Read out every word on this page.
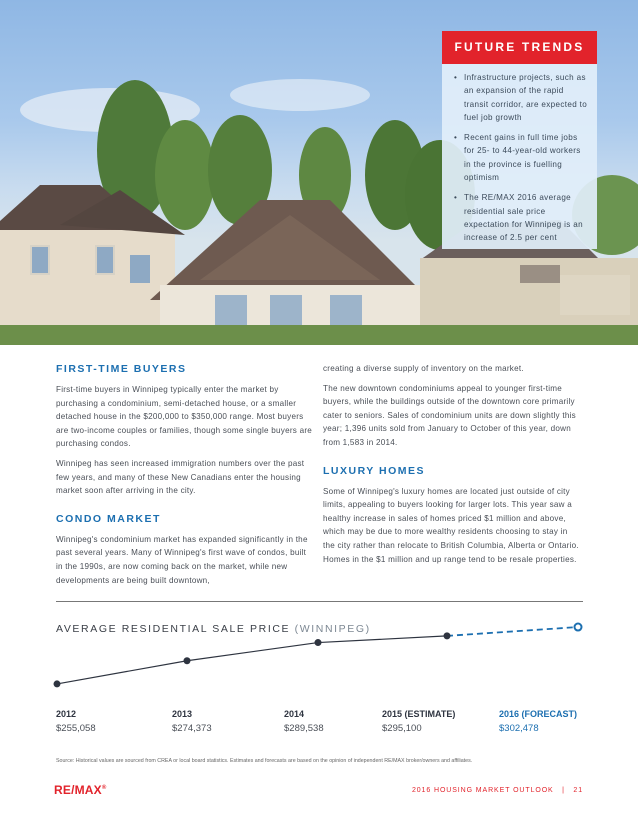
FUTURE TRENDS
• Infrastructure projects, such as an expansion of the rapid transit corridor, are expected to fuel job growth
• Recent gains in full time jobs for 25- to 44-year-old workers in the province is fuelling optimism
• The RE/MAX 2016 average residential sale price expectation for Winnipeg is an increase of 2.5 per cent
FIRST-TIME BUYERS

First-time buyers in Winnipeg typically enter the market by purchasing a condominium, semi-detached house, or a smaller detached house in the $200,000 to $350,000 range. Most buyers are two-income couples or families, though some single buyers are purchasing condos.

Winnipeg has seen increased immigration numbers over the past few years, and many of these New Canadians enter the housing market soon after arriving in the city.

CONDO MARKET

Winnipeg's condominium market has expanded significantly in the past several years. Many of Winnipeg's first wave of condos, built in the 1990s, are now coming back on the market, while new developments are being built downtown,

creating a diverse supply of inventory on the market.

The new downtown condominiums appeal to younger first-time buyers, while the buildings outside of the downtown core primarily cater to seniors. Sales of condominium units are down slightly this year; 1,396 units sold from January to October of this year, down from 1,583 in 2014.

LUXURY HOMES

Some of Winnipeg's luxury homes are located just outside of city limits, appealing to buyers looking for larger lots. This year saw a healthy increase in sales of homes priced $1 million and above, which may be due to more wealthy residents choosing to stay in the city rather than relocate to British Columbia, Alberta or Ontario. Homes in the $1 million and up range tend to be resale properties.

AVERAGE RESIDENTIAL SALE PRICE (WINNIPEG)
2012
$255,058
2013
$274,373
2014
$289,538
2015 (ESTIMATE)
$295,100
2016 (FORECAST)
$302,478
Source: Historical values are sourced from CREA or local board statistics. Estimates and forecasts are based on the opinion of independent RE/MAX broker/owners and affiliates.
RE/MAX®	2016 HOUSING MARKET OUTLOOK   |   21
